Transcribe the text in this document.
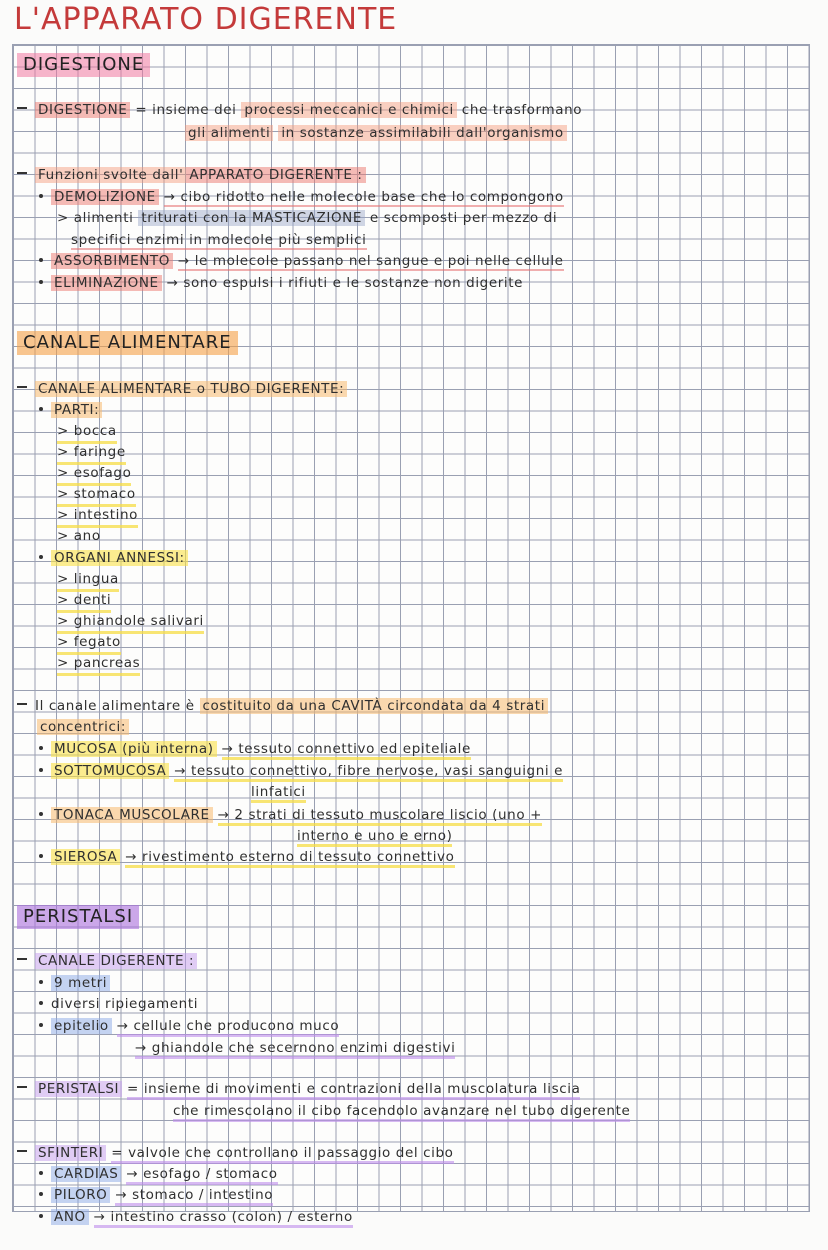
L'APPARATO DIGERENTE
DIGESTIONE
DIGESTIONE = insieme dei processi meccanici e chimici che trasformano
gli alimenti in sostanze assimilabili dall'organismo
Funzioni svolte dall' APPARATO DIGERENTE :
DEMOLIZIONE → cibo ridotto nelle molecole base che lo compongono
> alimenti triturati con la MASTICAZIONE e scomposti per mezzo di
specifici enzimi in molecole più semplici
ASSORBIMENTO → le molecole passano nel sangue e poi nelle cellule
ELIMINAZIONE → sono espulsi i rifiuti e le sostanze non digerite
CANALE ALIMENTARE
CANALE ALIMENTARE o TUBO DIGERENTE:
PARTI:
> bocca
> faringe
> esofago
> stomaco
> intestino
> ano
ORGANI ANNESSI:
> lingua
> denti
> ghiandole salivari
> fegato
> pancreas
Il canale alimentare è costituito da una CAVITÀ circondata da 4 strati
concentrici:
MUCOSA (più interna) → tessuto connettivo ed epiteliale
SOTTOMUCOSA → tessuto connettivo, fibre nervose, vasi sanguigni e
linfatici
TONACA MUSCOLARE → 2 strati di tessuto muscolare liscio (uno +
interno e uno e erno)
SIEROSA → rivestimento esterno di tessuto connettivo
PERISTALSI
CANALE DIGERENTE :
9 metri
diversi ripiegamenti
epitelio → cellule che producono muco
→ ghiandole che secernono enzimi digestivi
PERISTALSI = insieme di movimenti e contrazioni della muscolatura liscia
che rimescolano il cibo facendolo avanzare nel tubo digerente
SFINTERI = valvole che controllano il passaggio del cibo
CARDIAS → esofago / stomaco
PILORO → stomaco / intestino
ANO → intestino crasso (colon) / esterno
